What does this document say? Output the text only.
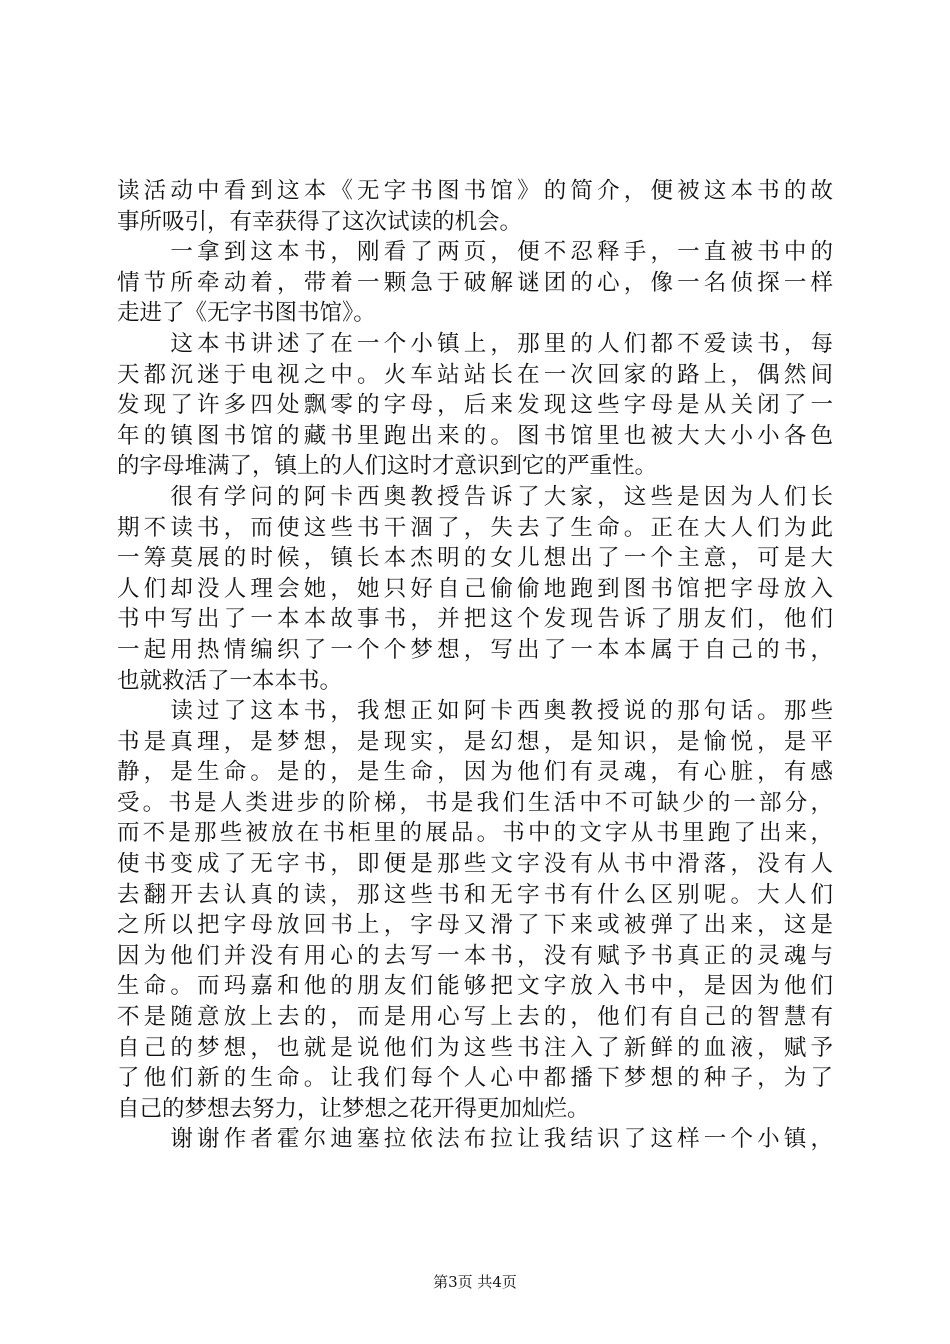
读活动中看到这本《无字书图书馆》的简介，便被这本书的故
事所吸引，有幸获得了这次试读的机会。
　　一拿到这本书，刚看了两页，便不忍释手，一直被书中的
情节所牵动着，带着一颗急于破解谜团的心，像一名侦探一样
走进了《无字书图书馆》。
　　这本书讲述了在一个小镇上，那里的人们都不爱读书，每
天都沉迷于电视之中。火车站站长在一次回家的路上，偶然间
发现了许多四处飘零的字母，后来发现这些字母是从关闭了一
年的镇图书馆的藏书里跑出来的。图书馆里也被大大小小各色
的字母堆满了，镇上的人们这时才意识到它的严重性。
　　很有学问的阿卡西奥教授告诉了大家，这些是因为人们长
期不读书，而使这些书干涸了，失去了生命。正在大人们为此
一筹莫展的时候，镇长本杰明的女儿想出了一个主意，可是大
人们却没人理会她，她只好自己偷偷地跑到图书馆把字母放入
书中写出了一本本故事书，并把这个发现告诉了朋友们，他们
一起用热情编织了一个个梦想，写出了一本本属于自己的书，
也就救活了一本本书。
　　读过了这本书，我想正如阿卡西奥教授说的那句话。那些
书是真理，是梦想，是现实，是幻想，是知识，是愉悦，是平
静，是生命。是的，是生命，因为他们有灵魂，有心脏，有感
受。书是人类进步的阶梯，书是我们生活中不可缺少的一部分，
而不是那些被放在书柜里的展品。书中的文字从书里跑了出来，
使书变成了无字书，即便是那些文字没有从书中滑落，没有人
去翻开去认真的读，那这些书和无字书有什么区别呢。大人们
之所以把字母放回书上，字母又滑了下来或被弹了出来，这是
因为他们并没有用心的去写一本书，没有赋予书真正的灵魂与
生命。而玛嘉和他的朋友们能够把文字放入书中，是因为他们
不是随意放上去的，而是用心写上去的，他们有自己的智慧有
自己的梦想，也就是说他们为这些书注入了新鲜的血液，赋予
了他们新的生命。让我们每个人心中都播下梦想的种子，为了
自己的梦想去努力，让梦想之花开得更加灿烂。
　　谢谢作者霍尔迪塞拉依法布拉让我结识了这样一个小镇，
第3页 共4页
